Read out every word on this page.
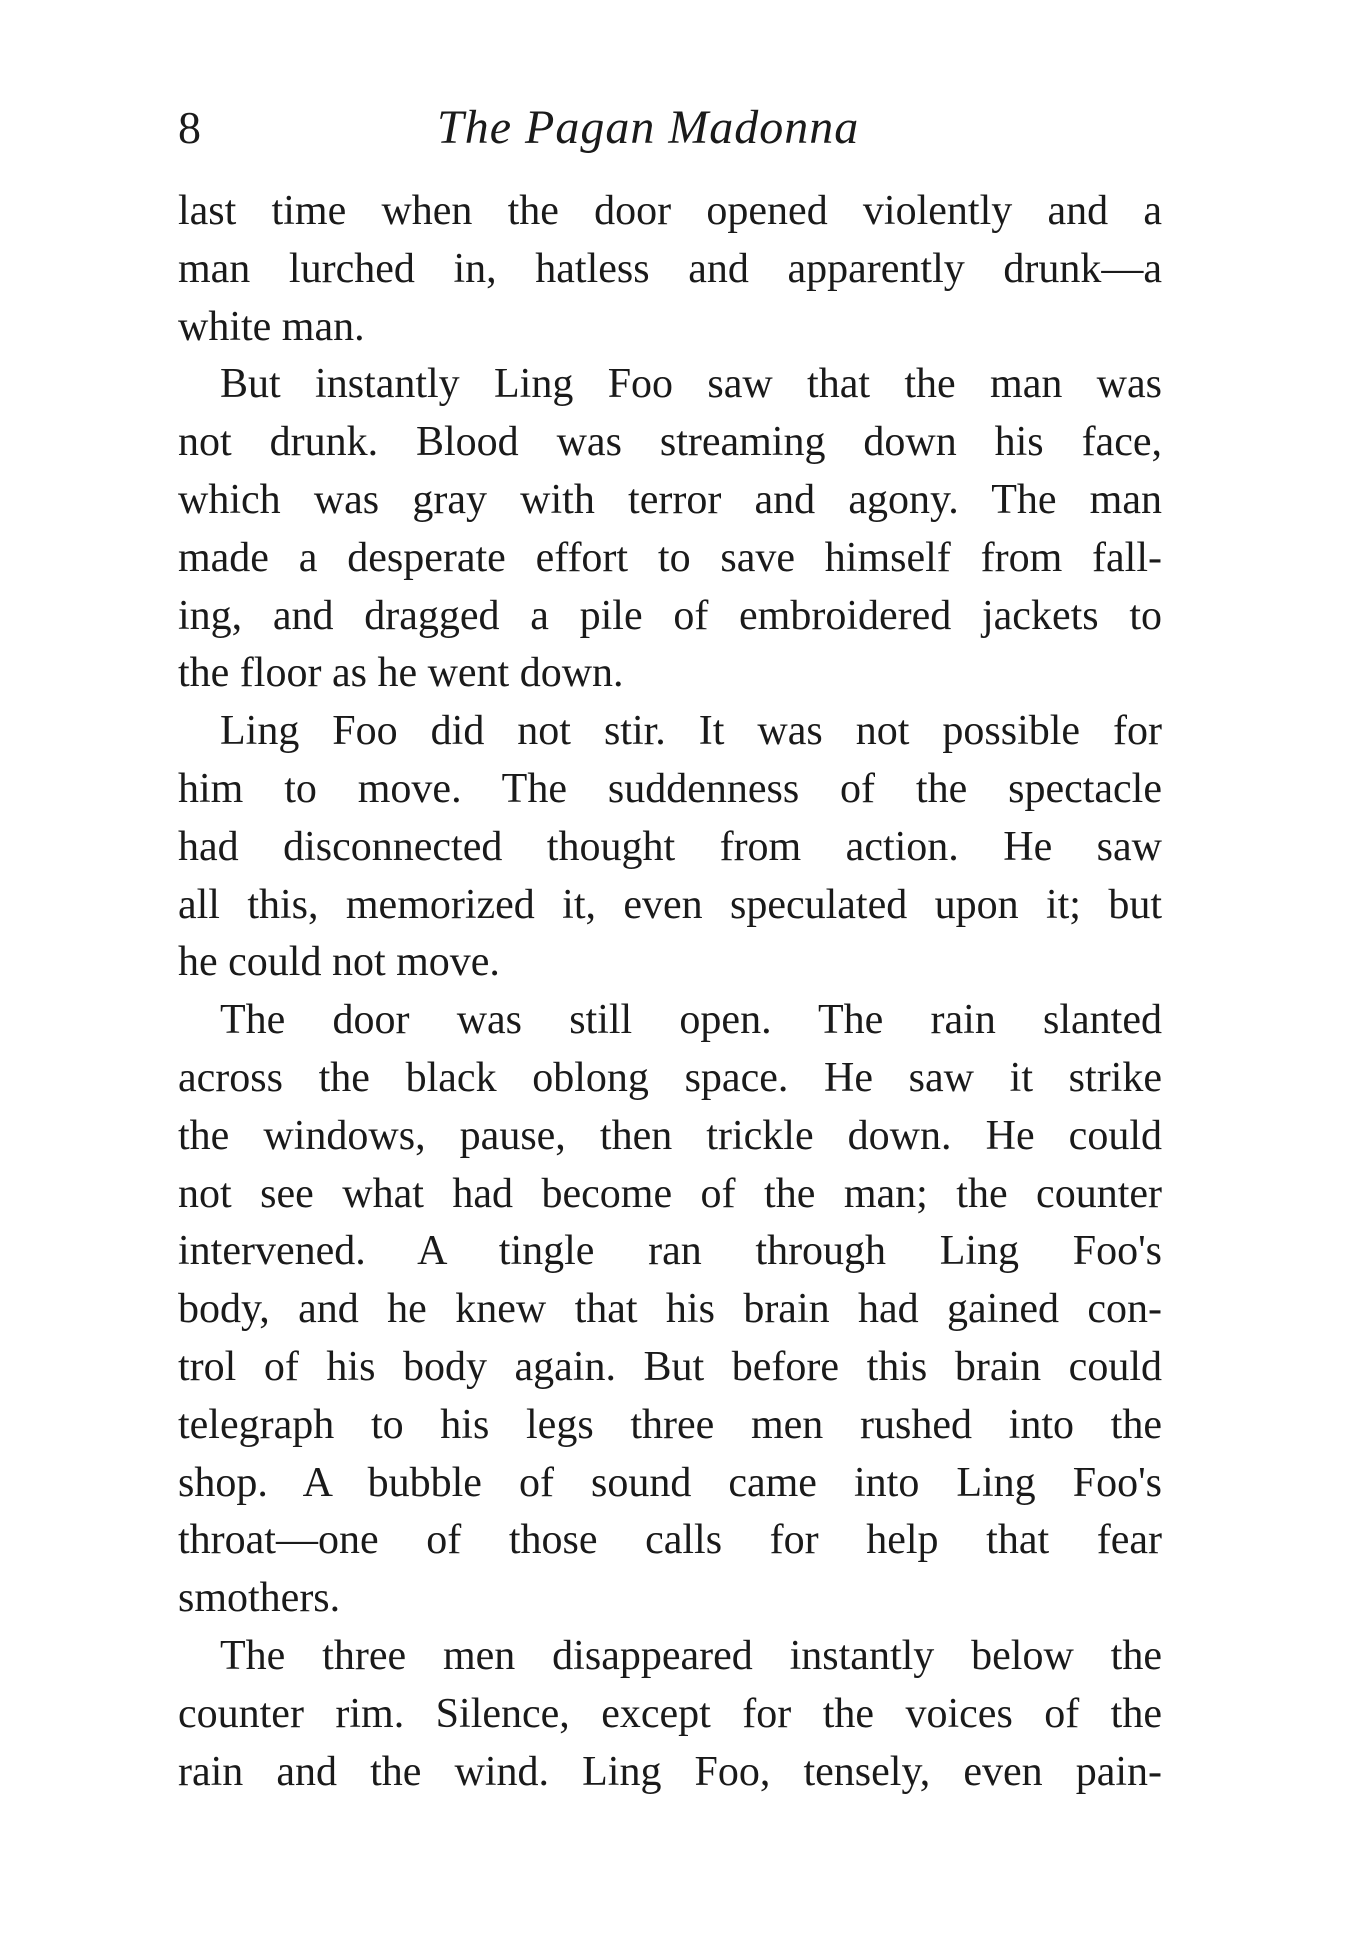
8	The Pagan Madonna
last time when the door opened violently and a
man lurched in, hatless and apparently drunk—a
white man.
But instantly Ling Foo saw that the man was
not drunk. Blood was streaming down his face,
which was gray with terror and agony. The man
made a desperate effort to save himself from fall-
ing, and dragged a pile of embroidered jackets to
the floor as he went down.
Ling Foo did not stir. It was not possible for
him to move. The suddenness of the spectacle
had disconnected thought from action. He saw
all this, memorized it, even speculated upon it; but
he could not move.
The door was still open. The rain slanted
across the black oblong space. He saw it strike
the windows, pause, then trickle down. He could
not see what had become of the man; the counter
intervened. A tingle ran through Ling Foo's
body, and he knew that his brain had gained con-
trol of his body again. But before this brain could
telegraph to his legs three men rushed into the
shop. A bubble of sound came into Ling Foo's
throat—one of those calls for help that fear
smothers.
The three men disappeared instantly below the
counter rim. Silence, except for the voices of the
rain and the wind. Ling Foo, tensely, even pain-
